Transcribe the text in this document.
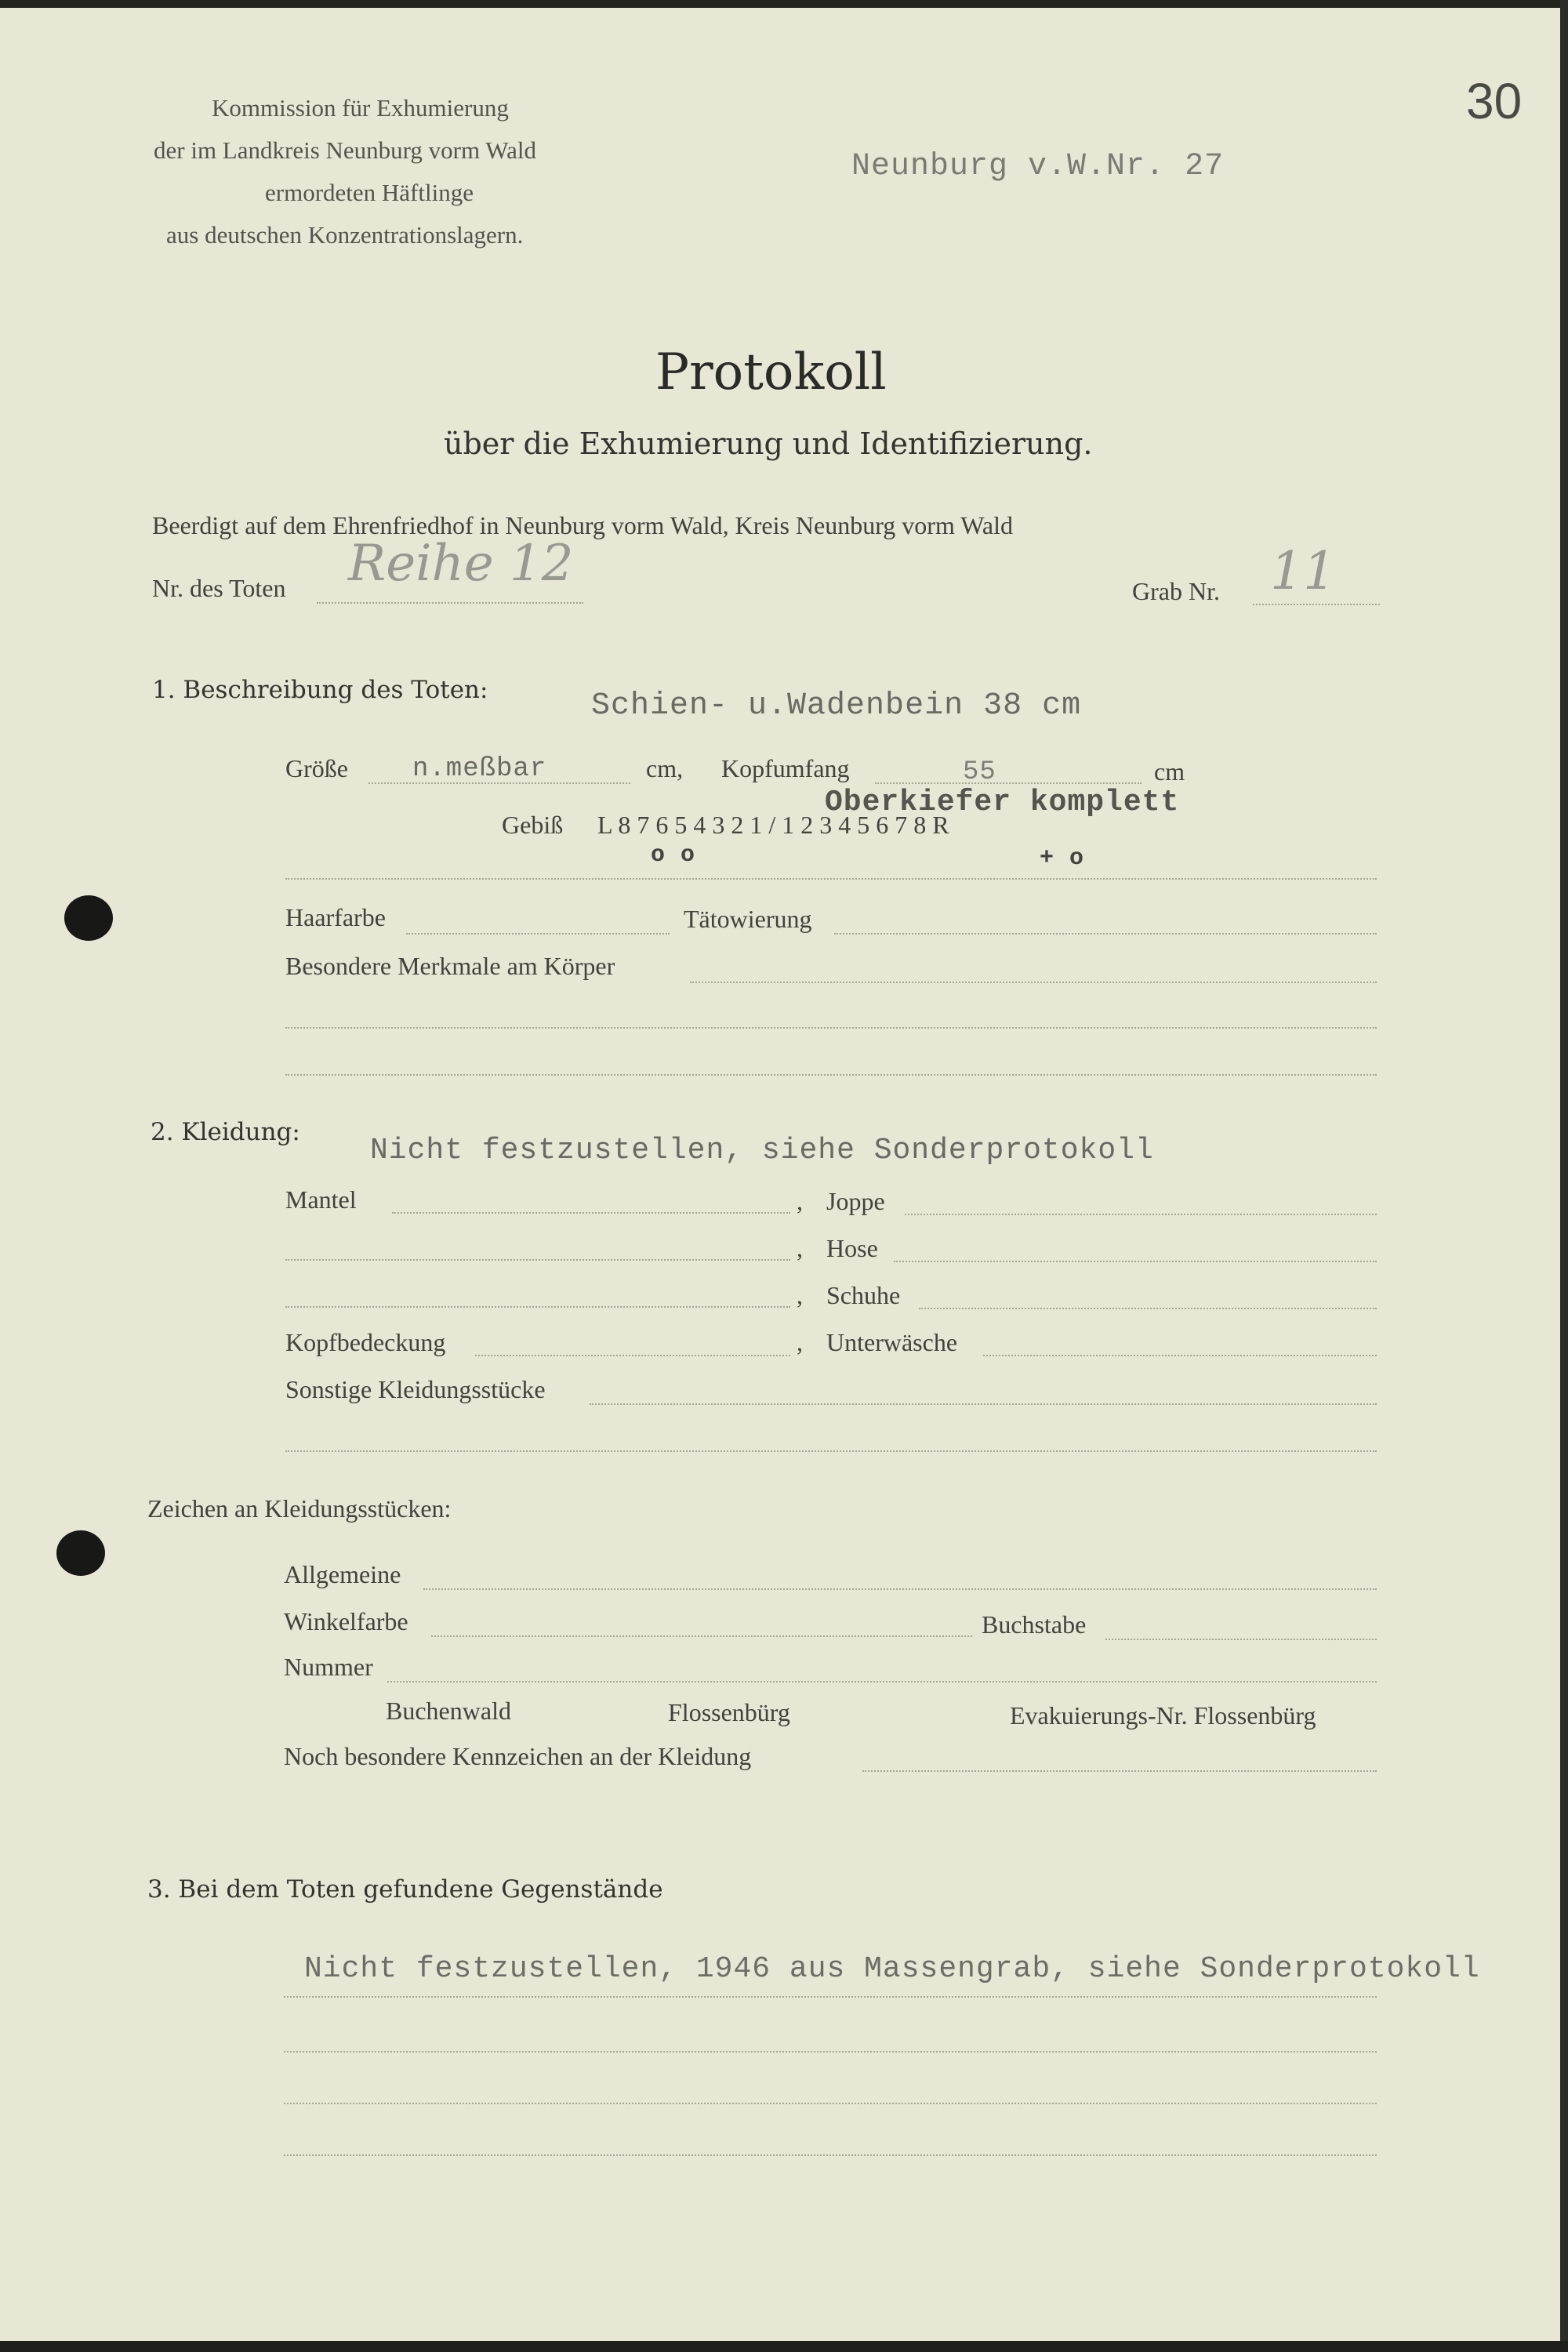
Kommission für Exhumierung
der im Landkreis Neunburg vorm Wald
ermordeten Häftlinge
aus deutschen Konzentrationslagern.
Neunburg v.W.Nr. 27
30
Protokoll
über die Exhumierung und Identifizierung.
Beerdigt auf dem Ehrenfriedhof in Neunburg vorm Wald, Kreis Neunburg vorm Wald
Nr. des Toten Reihe 12	Grab Nr. 11
1. Beschreibung des Toten:	Schien- u.Wadenbein 38 cm
Größe n.meßbar	cm, Kopfumfang	55	cm
Gebiß L 8 7 6 5 4 3 2 1 / 1 2 3 4 5 6 7 8 R
Oberkiefer komplett
o o	+ o
Haarfarbe	Tätowierung
Besondere Merkmale am Körper
2. Kleidung:
Nicht festzustellen, siehe Sonderprotokoll
Mantel	, Joppe
, Hose
, Schuhe
Kopfbedeckung	, Unterwäsche
Sonstige Kleidungsstücke
Zeichen an Kleidungsstücken:
Allgemeine
Winkelfarbe	Buchstabe
Nummer
Buchenwald	Flossenbürg	Evakuierungs-Nr. Flossenbürg
Noch besondere Kennzeichen an der Kleidung
3. Bei dem Toten gefundene Gegenstände
Nicht festzustellen, 1946 aus Massengrab, siehe Sonderprotokoll
